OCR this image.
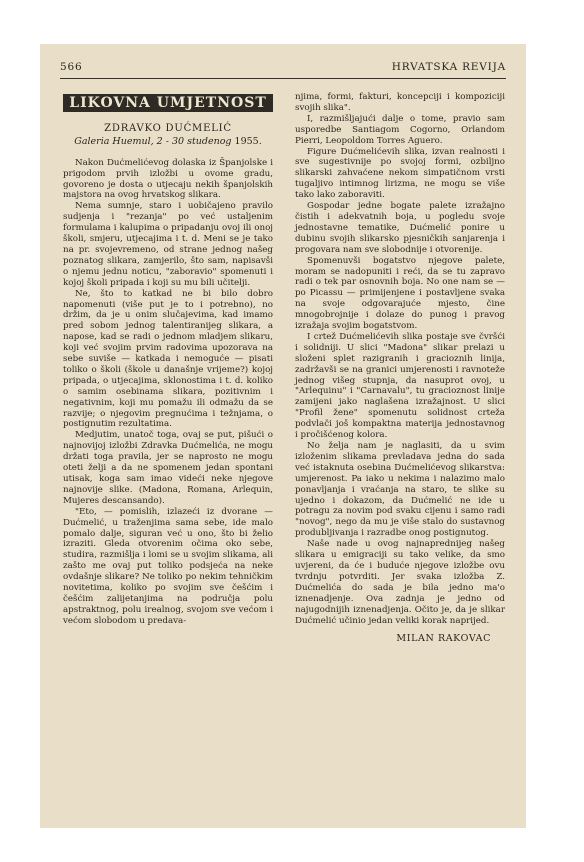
566	HRVATSKA REVIJA
LIKOVNA UMJETNOST
ZDRAVKO DUĆMELIĆ
Galeria Huemul, 2 - 30 studenog 1955.

Nakon Dućmelićevog dolaska iz Španjolske i prigodom prvih izložbi u ovome gradu, govoreno je dosta o utjecaju nekih španjolskih majstora na ovog hrvatskog slikara.

Nema sumnje, staro i uobičajeno pravilo sudjenja i "rezanja" po već ustaljenim formulama i kalupima o pripadanju ovoj ili onoj školi, smjeru, utjecajima i t. d. Meni se je tako na pr. svojevremeno, od strane jednog našeg poznatog slikara, zamjerilo, što sam, napisavši o njemu jednu noticu, "zaboravio" spomenuti i kojoj školi pripada i koji su mu bili učitelji.

Ne, što to katkad ne bi bilo dobro napomenuti (više put je to i potrebno), no držim, da je u onim slučajevima, kad imamo pred sobom jednog talentiranijeg slikara, a napose, kad se radi o jednom mladjem slikaru, koji već svojim prvim radovima upozorava na sebe suviše — katkada i nemoguće — pisati toliko o školi (škole u današnje vrijeme?) kojoj pripada, o utjecajima, sklonostima i t. d. koliko o samim osebinama slikara, pozitivnim i negativnim, koji mu pomažu ili odmažu da se razvije; o njegovim pregnućima i težnjama, o postignutim rezultatima.

Medjutim, unatoč toga, ovaj se put, pišući o najnovijoj izložbi Zdravka Dućmelića, ne mogu držati toga pravila, jer se naprosto ne mogu oteti želji a da ne spomenem jedan spontani utisak, koga sam imao videći neke njegove najnovije slike. (Madona, Romana, Arlequin, Mujeres descansando).

"Eto, — pomislih, izlazeći iz dvorane — Dućmelić, u traženjima sama sebe, ide malo pomalo dalje, siguran već u ono, što bi želio izraziti. Gleda otvorenim očima oko sebe, studira, razmišlja i lomi se u svojim slikama, ali zašto me ovaj put toliko podsjeća na neke ovdašnje slikare? Ne toliko po nekim tehničkim novitetima, koliko po svojim sve češćim i češćim zalijetanjima na područja polu apstraktnog, polu irealnog, svojom sve većom i većom slobodom u predava-

njima, formi, fakturi, koncepciji i kompoziciji svojih slika".

I, razmišljajući dalje o tome, pravio sam usporedbe Santiagom Cogorno, Orlandom Pierri, Leopoldom Torres Aguero.

Figure Dućmelićevih slika, izvan realnosti i sve sugestivnije po svojoj formi, ozbiljno slikarski zahvaćene nekom simpatičnom vrsti tugaljivo intimnog lirizma, ne mogu se više tako lako zaboraviti.

Gospodar jedne bogate palete izražajno čistih i adekvatnih boja, u pogledu svoje jednostavne tematike, Dućmelić ponire u dubinu svojih slikarsko pjesničkih sanjarenja i progovara nam sve slobodnije i otvorenije.

Spomenuvši bogatstvo njegove palete, moram se nadopuniti i reći, da se tu zapravo radi o tek par osnovnih boja. No one nam se — po Picassu — primijenjene i postavljene svaka na svoje odgovarajuće mjesto, čine mnogobrojnije i dolaze do punog i pravog izražaja svojim bogatstvom.

I crtež Dućmelićevih slika postaje sve čvršći i solidniji. U slici "Madona" slikar prelazi u složeni splet razigranih i gracioznih linija, zadržavši se na granici umjerenosti i ravnoteže jednog višeg stupnja, da nasuprot ovoj, u "Arlequinu" i "Carnavalu", tu gracioznost linije zamijeni jako naglašena izražajnost. U slici "Profil žene" spomenutu solidnost crteža podvlači još kompaktna materija jednostavnog i pročišćenog kolora.

No želja nam je naglasiti, da u svim izloženim slikama prevladava jedna do sada već istaknuta osebina Dućmelićevog slikarstva: umjerenost. Pa iako u nekima i nalazimo malo ponavljanja i vraćanja na staro, te slike su ujedno i dokazom, da Dućmelić ne ide u potragu za novim pod svaku cijenu i samo radi "novog", nego da mu je više stalo do sustavnog produbljivanja i razradbe onog postignutog.

Naše nade u ovog najnaprednijeg našeg slikara u emigraciji su tako velike, da smo uvjereni, da će i buduće njegove izložbe ovu tvrdnju potvrditi. Jer svaka izložba Z. Dućmelića do sada je bila jedno ma'o iznenadjenje. Ova zadnja je jedno od najugodnijih iznenadjenja. Očito je, da je slikar Dućmelić učinio jedan veliki korak naprijed.

MILAN RAKOVAC
